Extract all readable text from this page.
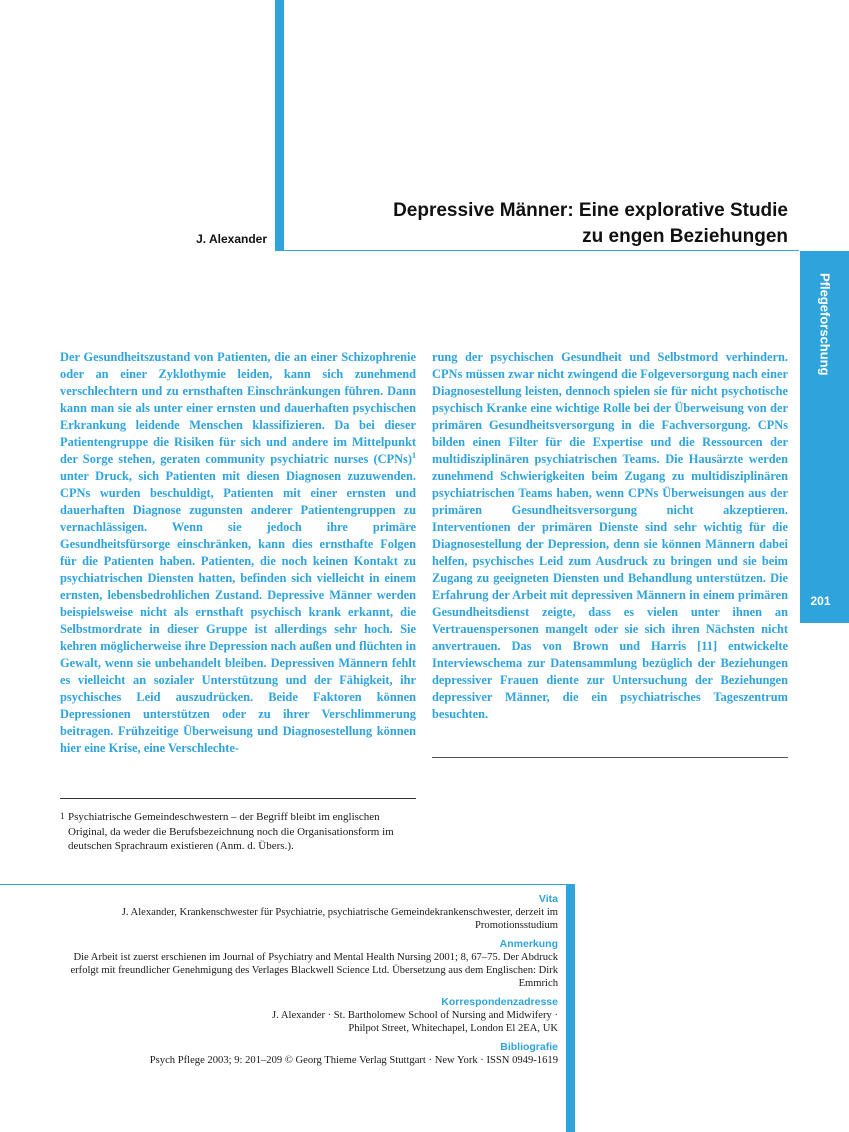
Depressive Männer: Eine explorative Studie
zu engen Beziehungen
J. Alexander
Pflegeforschung
201
Der Gesundheitszustand von Patienten, die an einer Schizophrenie oder an einer Zyklothymie leiden, kann sich zunehmend verschlechtern und zu ernsthaften Einschränkungen führen. Dann kann man sie als unter einer ernsten und dauerhaften psychischen Erkrankung leidende Menschen klassifizieren. Da bei dieser Patientengruppe die Risiken für sich und andere im Mittelpunkt der Sorge stehen, geraten community psychiatric nurses (CPNs)$^1$ unter Druck, sich Patienten mit diesen Diagnosen zuzuwenden. CPNs wurden beschuldigt, Patienten mit einer ernsten und dauerhaften Diagnose zugunsten anderer Patientengruppen zu vernachlässigen. Wenn sie jedoch ihre primäre Gesundheitsfürsorge einschränken, kann dies ernsthafte Folgen für die Patienten haben. Patienten, die noch keinen Kontakt zu psychiatrischen Diensten hatten, befinden sich vielleicht in einem ernsten, lebensbedrohlichen Zustand. Depressive Männer werden beispielsweise nicht als ernsthaft psychisch krank erkannt, die Selbstmordrate in dieser Gruppe ist allerdings sehr hoch. Sie kehren möglicherweise ihre Depression nach außen und flüchten in Gewalt, wenn sie unbehandelt bleiben. Depressiven Männern fehlt es vielleicht an sozialer Unterstützung und der Fähigkeit, ihr psychisches Leid auszudrücken. Beide Faktoren können Depressionen unterstützen oder zu ihrer Verschlimmerung beitragen. Frühzeitige Überweisung und Diagnosestellung können hier eine Krise, eine Verschlechte-
rung der psychischen Gesundheit und Selbstmord verhindern. CPNs müssen zwar nicht zwingend die Folgeversorgung nach einer Diagnosestellung leisten, dennoch spielen sie für nicht psychotische psychisch Kranke eine wichtige Rolle bei der Überweisung von der primären Gesundheitsversorgung in die Fachversorgung. CPNs bilden einen Filter für die Expertise und die Ressourcen der multidisziplinären psychiatrischen Teams. Die Hausärzte werden zunehmend Schwierigkeiten beim Zugang zu multidisziplinären psychiatrischen Teams haben, wenn CPNs Überweisungen aus der primären Gesundheitsversorgung nicht akzeptieren. Interventionen der primären Dienste sind sehr wichtig für die Diagnosestellung der Depression, denn sie können Männern dabei helfen, psychisches Leid zum Ausdruck zu bringen und sie beim Zugang zu geeigneten Diensten und Behandlung unterstützen. Die Erfahrung der Arbeit mit depressiven Männern in einem primären Gesundheitsdienst zeigte, dass es vielen unter ihnen an Vertrauenspersonen mangelt oder sie sich ihren Nächsten nicht anvertrauen. Das von Brown und Harris [11] entwickelte Interviewschema zur Datensammlung bezüglich der Beziehungen depressiver Frauen diente zur Untersuchung der Beziehungen depressiver Männer, die ein psychiatrisches Tageszentrum besuchten.
1 Psychiatrische Gemeindeschwestern – der Begriff bleibt im englischen Original, da weder die Berufsbezeichnung noch die Organisationsform im deutschen Sprachraum existieren (Anm. d. Übers.).
Vita
J. Alexander, Krankenschwester für Psychiatrie, psychiatrische Gemeindekrankenschwester, derzeit im Promotionsstudium
Anmerkung
Die Arbeit ist zuerst erschienen im Journal of Psychiatry and Mental Health Nursing 2001; 8, 67–75. Der Abdruck erfolgt mit freundlicher Genehmigung des Verlages Blackwell Science Ltd. Übersetzung aus dem Englischen: Dirk Emmrich
Korrespondenzadresse
J. Alexander · St. Bartholomew School of Nursing and Midwifery ·
Philpot Street, Whitechapel, London El 2EA, UK
Bibliografie
Psych Pflege 2003; 9: 201–209 © Georg Thieme Verlag Stuttgart · New York · ISSN 0949-1619
